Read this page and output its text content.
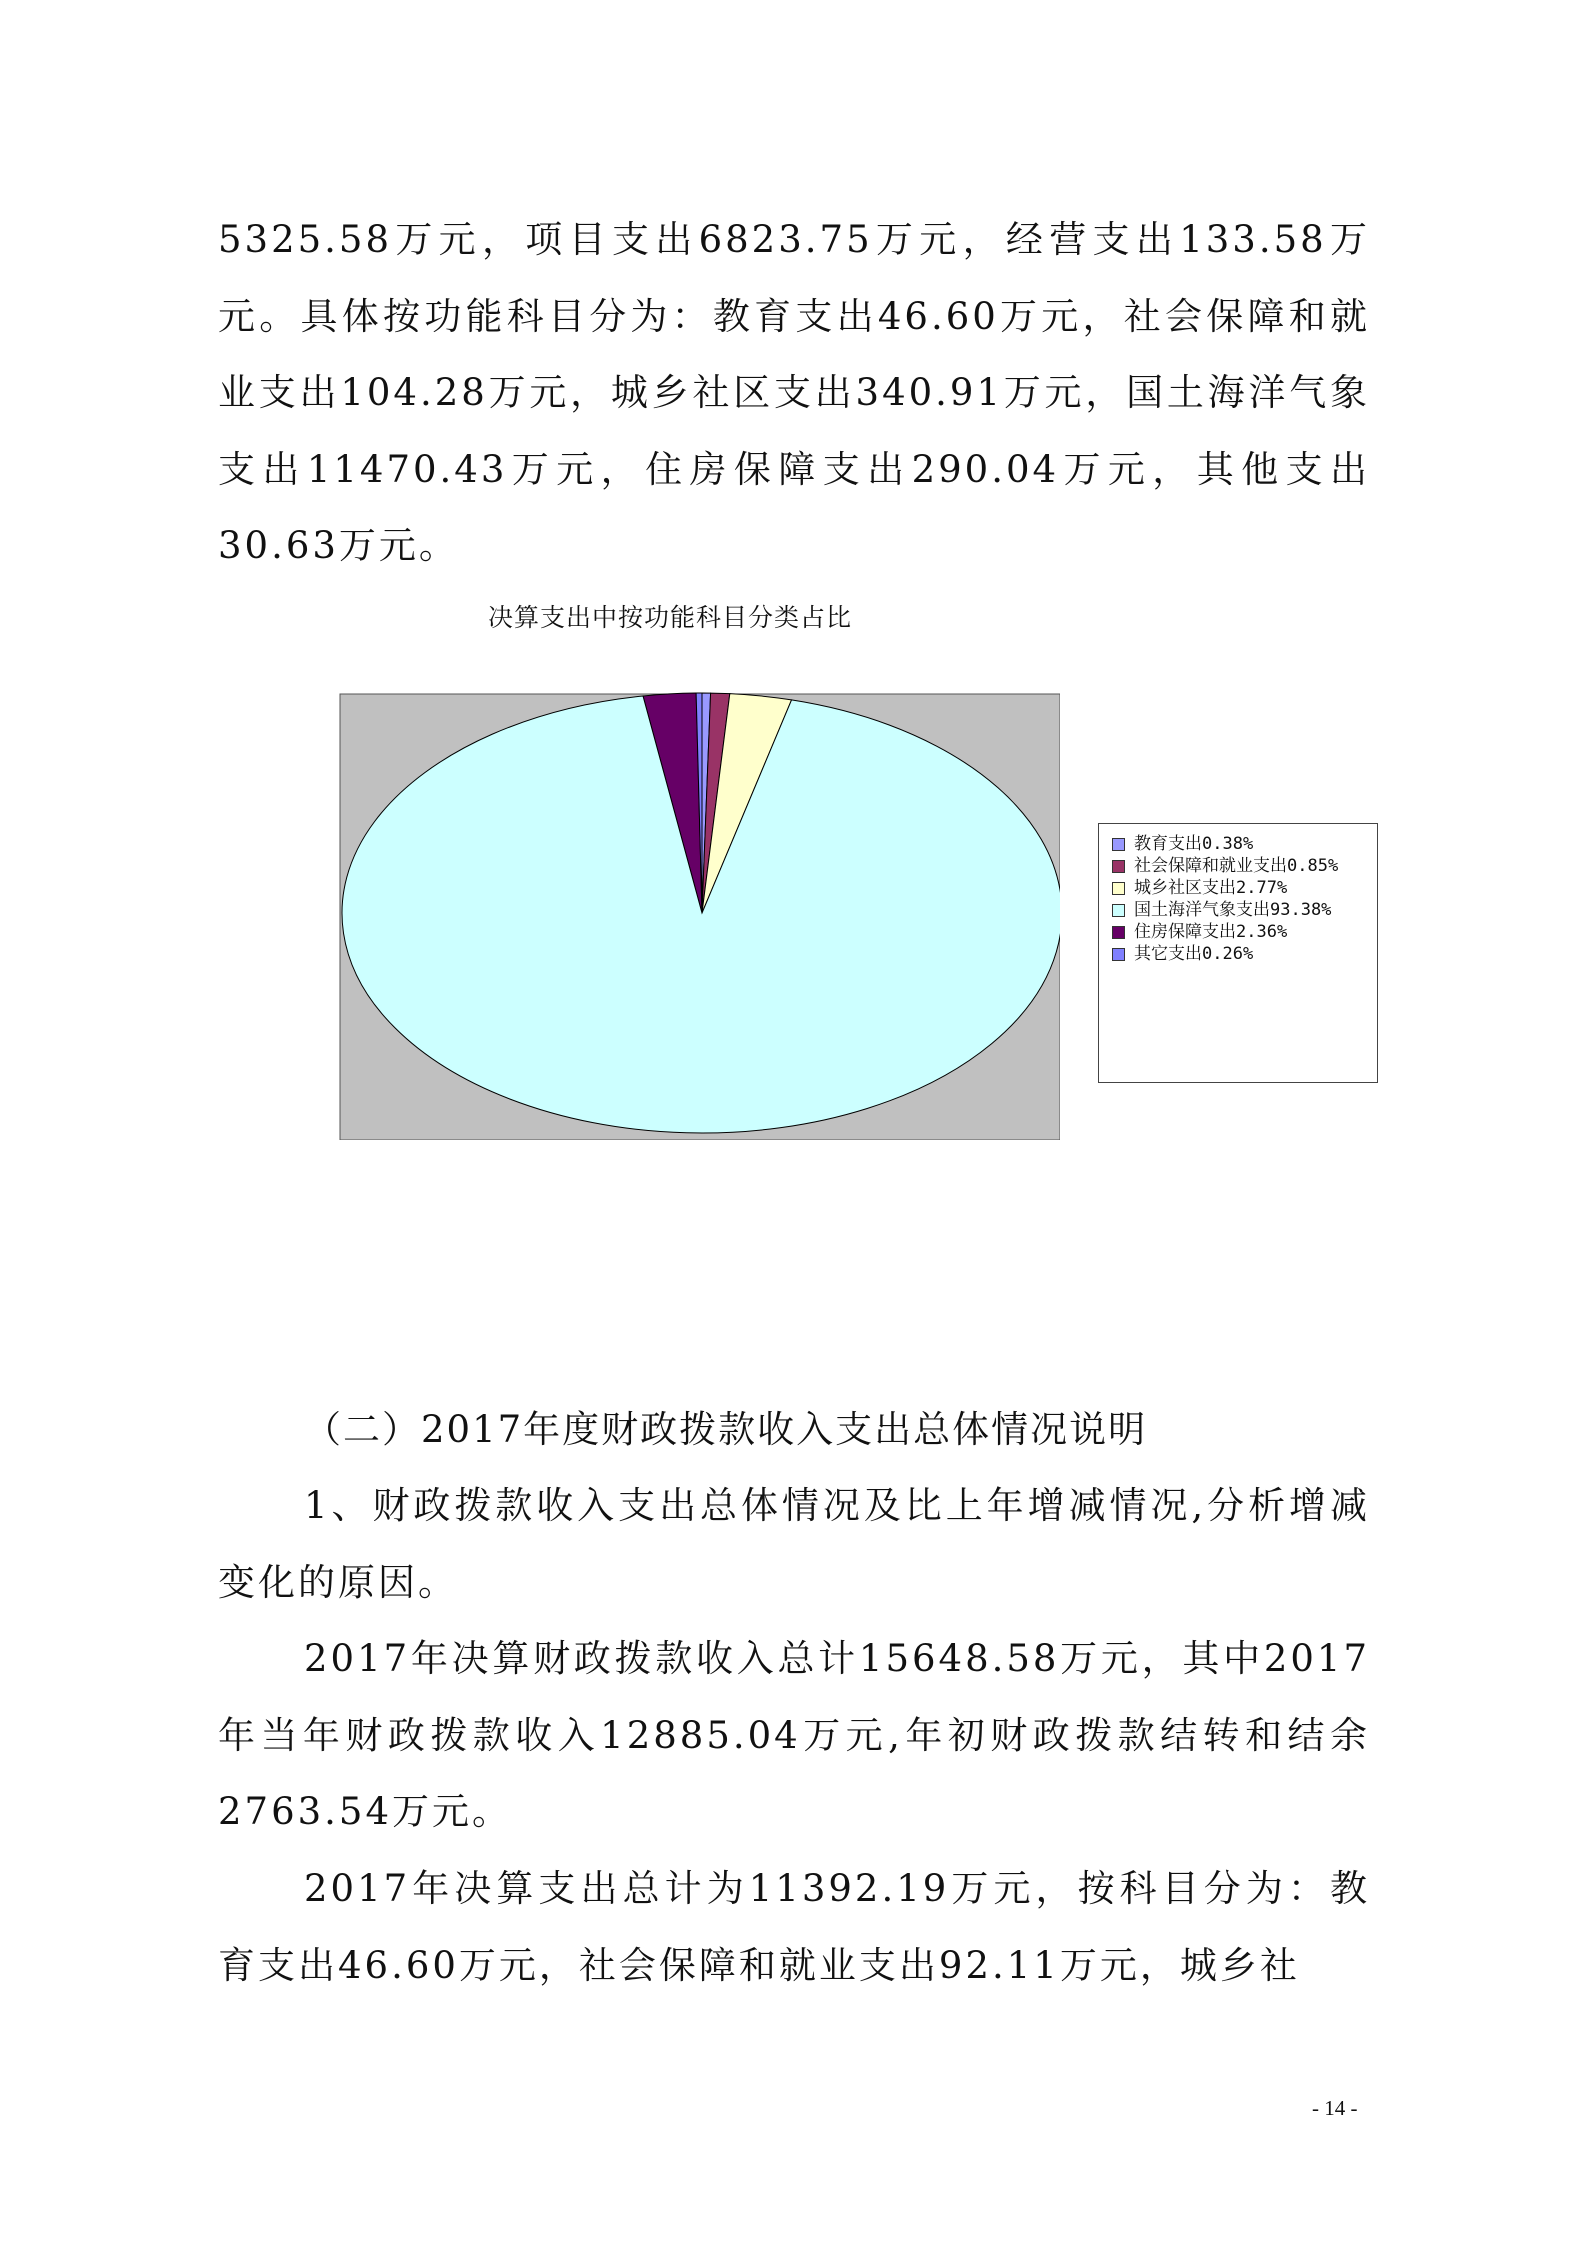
5325.58万元，项目支出6823.75万元，经营支出133.58万元。具体按功能科目分为：教育支出46.60万元，社会保障和就业支出104.28万元，城乡社区支出340.91万元，国土海洋气象支出11470.43万元，住房保障支出290.04万元，其他支出30.63万元。

决算支出中按功能科目分类占比
教育支出0.38%
社会保障和就业支出0.85%
城乡社区支出2.77%
国土海洋气象支出93.38%
住房保障支出2.36%
其它支出0.26%

（二）2017年度财政拨款收入支出总体情况说明

1、财政拨款收入支出总体情况及比上年增减情况,分析增减变化的原因。

2017年决算财政拨款收入总计15648.58万元，其中2017年当年财政拨款收入12885.04万元,年初财政拨款结转和结余2763.54万元。

2017年决算支出总计为11392.19万元，按科目分为：教育支出46.60万元，社会保障和就业支出92.11万元，城乡社

- 14 -
